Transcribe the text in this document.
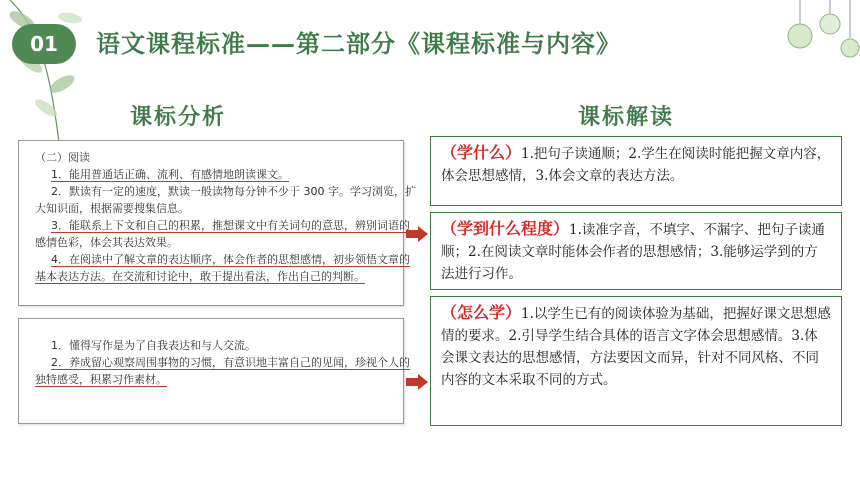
01	语文课程标准——第二部分《课程标准与内容》
课标分析	课标解读
（二）阅读
1．能用普通话正确、流利、有感情地朗读课文。
2．默读有一定的速度，默读一般读物每分钟不少于 300 字。学习浏览，扩
大知识面，根据需要搜集信息。
3．能联系上下文和自己的积累，推想课文中有关词句的意思，辨别词语的
感情色彩，体会其表达效果。
4．在阅读中了解文章的表达顺序，体会作者的思想感情，初步领悟文章的
基本表达方法。在交流和讨论中，敢于提出看法，作出自己的判断。
1．懂得写作是为了自我表达和与人交流。
2．养成留心观察周围事物的习惯，有意识地丰富自己的见闻，珍视个人的
独特感受，积累习作素材。
（学什么）1.把句子读通顺；2.学生在阅读时能把握文章内容，体会思想感情，3.体会文章的表达方法。
（学到什么程度）1.读准字音，不填字、不漏字、把句子读通顺；2.在阅读文章时能体会作者的思想感情；3.能够运学到的方法进行习作。
（怎么学）1.以学生已有的阅读体验为基础，把握好课文思想感情的要求。2.引导学生结合具体的语言文字体会思想感情。3.体会课文表达的思想感情，方法要因文而异，针对不同风格、不同内容的文本采取不同的方式。
